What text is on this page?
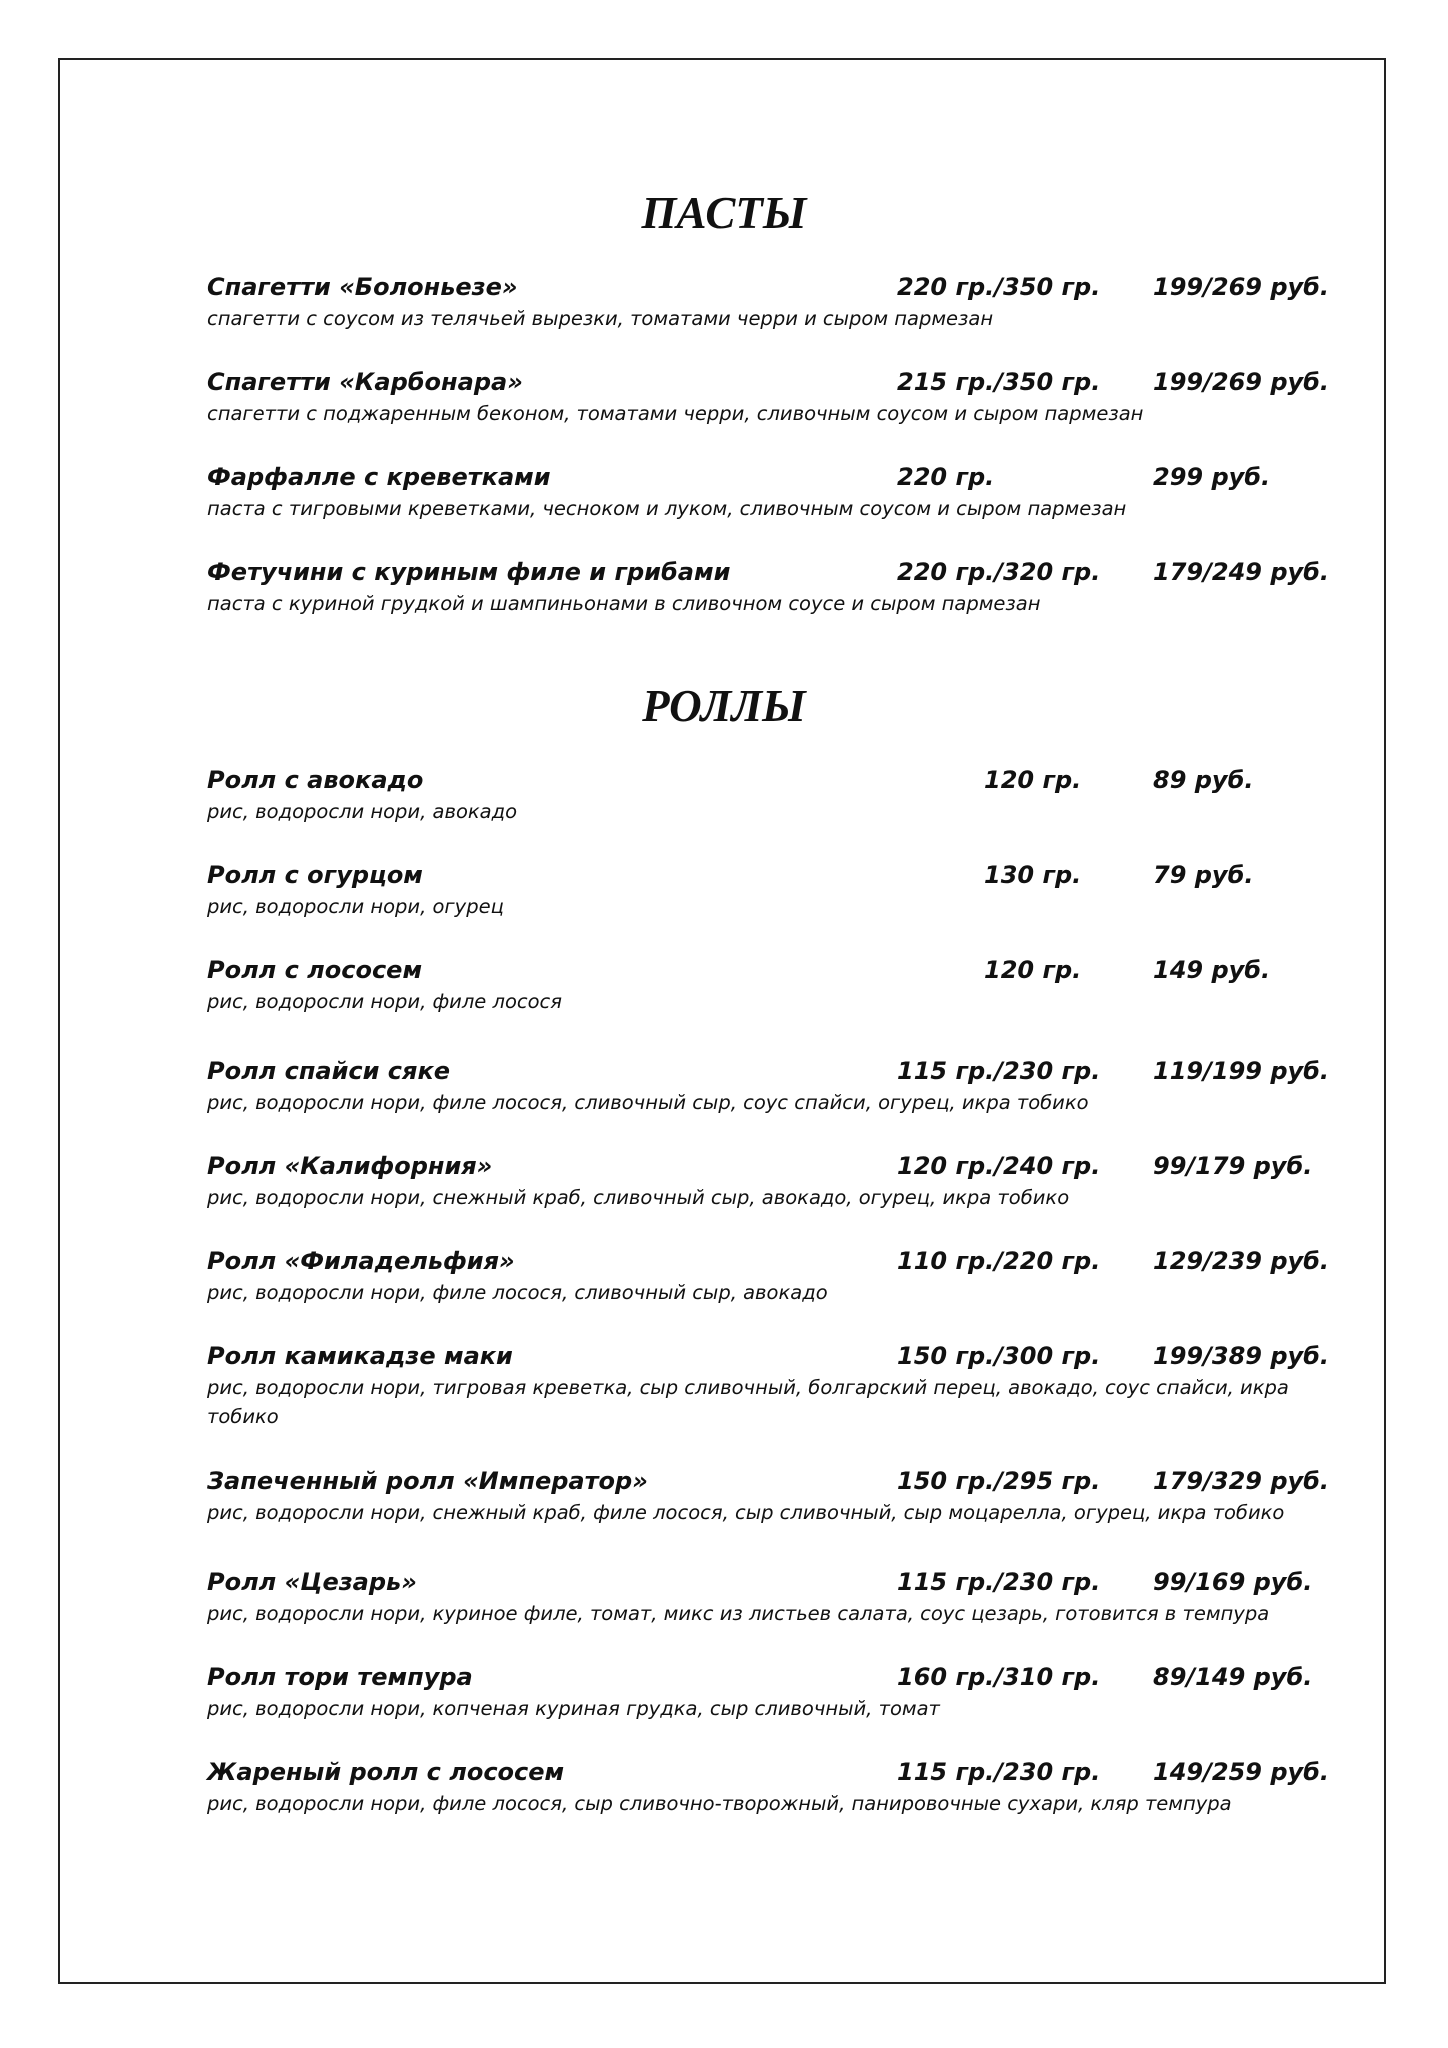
ПАСТЫ
Спагетти «Болоньезе»	220 гр./350 гр. 199/269 руб.
спагетти с соусом из телячьей вырезки, томатами черри и сыром пармезан
Спагетти «Карбонара»	215 гр./350 гр. 199/269 руб.
спагетти с поджаренным беконом, томатами черри, сливочным соусом и сыром пармезан
Фарфалле с креветками	220 гр.	299 руб.
паста с тигровыми креветками, чесноком и луком, сливочным соусом и сыром пармезан
Фетучини с куриным филе и грибами	220 гр./320 гр. 179/249 руб.
паста с куриной грудкой и шампиньонами в сливочном соусе и сыром пармезан
РОЛЛЫ
Ролл с авокадо	120 гр.	89 руб.
рис, водоросли нори, авокадо
Ролл с огурцом	130 гр.	79 руб.
рис, водоросли нори, огурец
Ролл с лососем	120 гр.	149 руб.
рис, водоросли нори, филе лосося
Ролл спайси сяке	115 гр./230 гр. 119/199 руб.
рис, водоросли нори, филе лосося, сливочный сыр, соус спайси, огурец, икра тобико
Ролл «Калифорния»	120 гр./240 гр. 99/179 руб.
рис, водоросли нори, снежный краб, сливочный сыр, авокадо, огурец, икра тобико
Ролл «Филадельфия»	110 гр./220 гр. 129/239 руб.
рис, водоросли нори, филе лосося, сливочный сыр, авокадо
Ролл камикадзе маки	150 гр./300 гр. 199/389 руб.
рис, водоросли нори, тигровая креветка, сыр сливочный, болгарский перец, авокадо, соус спайси, икра тобико
Запеченный ролл «Император»	150 гр./295 гр. 179/329 руб.
рис, водоросли нори, снежный краб, филе лосося, сыр сливочный, сыр моцарелла, огурец, икра тобико
Ролл «Цезарь»	115 гр./230 гр. 99/169 руб.
рис, водоросли нори, куриное филе, томат, микс из листьев салата, соус цезарь, готовится в темпура
Ролл тори темпура	160 гр./310 гр. 89/149 руб.
рис, водоросли нори, копченая куриная грудка, сыр сливочный, томат
Жареный ролл с лососем	115 гр./230 гр. 149/259 руб.
рис, водоросли нори, филе лосося, сыр сливочно-творожный, панировочные сухари, кляр темпура
